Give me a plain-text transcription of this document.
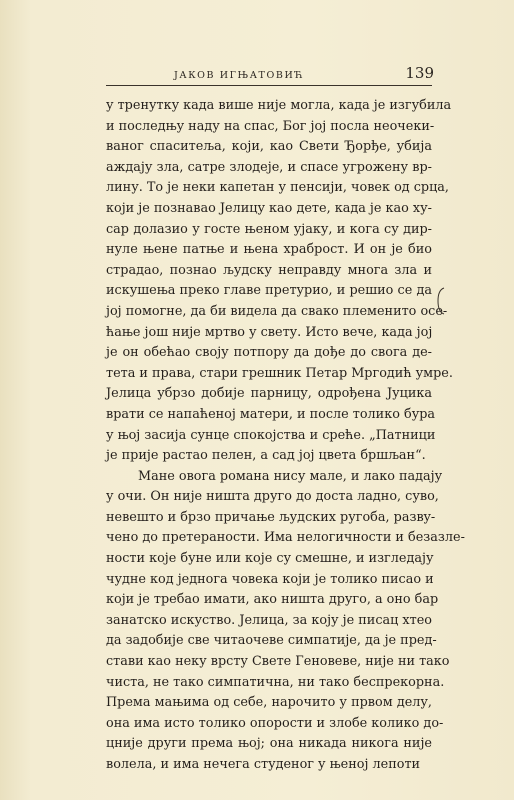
ЈАКОВ ИГЊАТОВИЋ	139
у тренутку када више није могла, када је изгубила
и последњу наду на спас, Бог јој посла неочеки-
ваног спаситеља, који, као Свети Ђорђе, убија
аждају зла, сатре злодеје, и спасе угрожену вр-
лину. То је неки капетан у пенсији, човек од срца,
који је познавао Јелицу као дете, када је као ху-
сар долазио у госте њеном ујаку, и кога су дир-
нуле њене патње и њена храброст. И он је био
страдао, познао људску неправду многа зла и
искушења преко главе претурио, и решио се да
јој помогне, да би видела да свако племенито осе-
ћање још није мртво у свету. Исто вече, када јој
је он обећао своју потпору да дође до свога де-
тета и права, стари грешник Петар Мргодић умре.
Јелица убрзо добије парницу, одрођена Јуцика
врати се напаћеној матери, и после толико бура
у њој засија сунце спокојства и среће. „Патници
је прије растао пелен, а сад јој цвета бршљан“.
Мане овога романа нису мале, и лако падају
у очи. Он није ништа друго до доста ладно, сувo,
невешто и брзо причање људских ругоба, развy-
чено до претераности. Има нелогичности и безазле-
ности које буне или које су смешне, и изгледају
чудне код једнога човека који је толико писао и
који је требао имати, ако ништа друго, а оно бар
занатско искуство. Јелица, за коју је писац хтео
да задобије све читаочеве симпатије, да је пред-
стави као неку врсту Свете Геновеве, није ни тако
чиста, не тако симпатична, ни тако беспрекорна.
Према мањима од себе, нарочито у првом делу,
она има исто толико опорости и злобе колико до-
цније други према њој; она никада никога није
волела, и има нечега студеног у њеној лепоти
